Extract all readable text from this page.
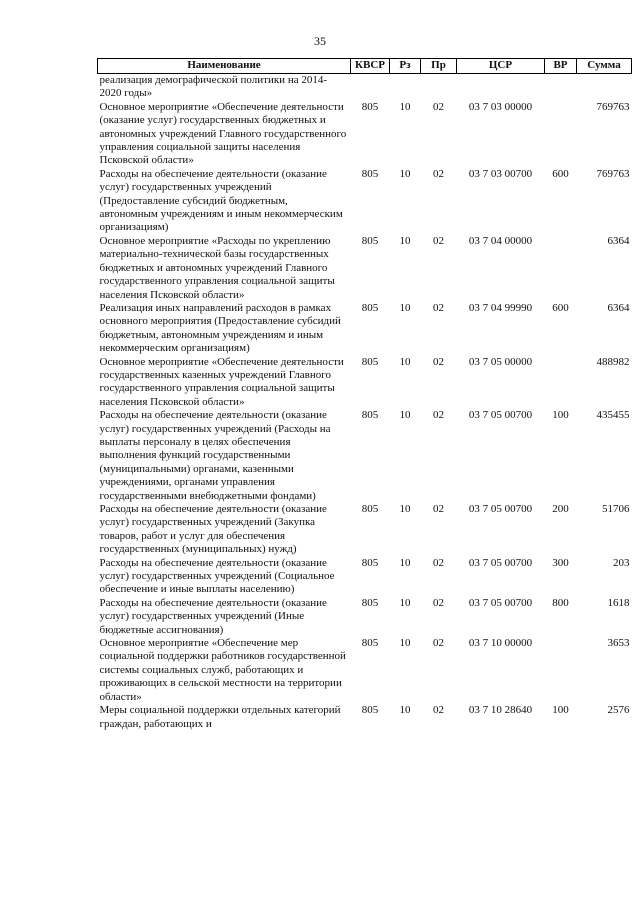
35
Наименование	КВСР	Рз	Пр	ЦСР	ВР	Сумма
реализация демографической политики на 2014-2020 годы»						
Основное мероприятие «Обеспечение деятельности (оказание услуг) государственных бюджетных и автономных учреждений Главного государственного управления социальной защиты населения Псковской области»	805	10	02	03 7 03 00000		769763
Расходы на обеспечение деятельности (оказание услуг) государственных учреждений (Предоставление субсидий бюджетным, автономным учреждениям и иным некоммерческим организациям)	805	10	02	03 7 03 00700	600	769763
Основное мероприятие «Расходы по укреплению материально-технической базы государственных бюджетных и автономных учреждений Главного государственного управления социальной защиты населения Псковской области»	805	10	02	03 7 04 00000		6364
Реализация иных направлений расходов в рамках основного мероприятия (Предоставление субсидий бюджетным, автономным учреждениям и иным некоммерческим организациям)	805	10	02	03 7 04 99990	600	6364
Основное мероприятие «Обеспечение деятельности государственных казенных учреждений Главного государственного управления социальной защиты населения Псковской области»	805	10	02	03 7 05 00000		488982
Расходы на обеспечение деятельности (оказание услуг) государственных учреждений (Расходы на выплаты персоналу в целях обеспечения выполнения функций государственными (муниципальными) органами, казенными учреждениями, органами управления государственными внебюджетными фондами)	805	10	02	03 7 05 00700	100	435455
Расходы на обеспечение деятельности (оказание услуг) государственных учреждений (Закупка товаров, работ и услуг для обеспечения государственных (муниципальных) нужд)	805	10	02	03 7 05 00700	200	51706
Расходы на обеспечение деятельности (оказание услуг) государственных учреждений (Социальное обеспечение и иные выплаты населению)	805	10	02	03 7 05 00700	300	203
Расходы на обеспечение деятельности (оказание услуг) государственных учреждений (Иные бюджетные ассигнования)	805	10	02	03 7 05 00700	800	1618
Основное мероприятие «Обеспечение мер социальной поддержки работников государственной системы социальных служб, работающих и проживающих в сельской местности на территории области»	805	10	02	03 7 10 00000		3653
Меры социальной поддержки отдельных категорий граждан, работающих и	805	10	02	03 7 10 28640	100	2576
